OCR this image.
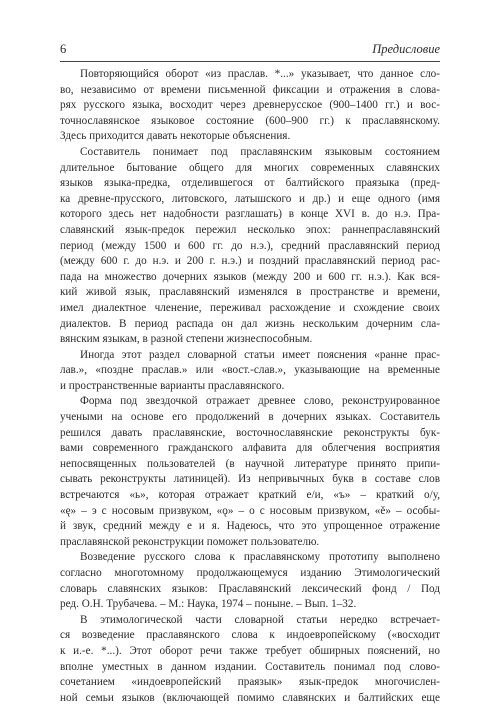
6	Предисловие
Повторяющийся оборот «из праслав. *...» указывает, что данное сло-
во, независимо от времени письменной фиксации и отражения в слова-
рях русского языка, восходит через древнерусское (900–1400 гг.) и вос-
точнославянское языковое состояние (600–900 гг.) к праславянскому.
Здесь приходится давать некоторые объяснения.
Составитель понимает под праславянским языковым состоянием
длительное бытование общего для многих современных славянских
языков языка-предка, отделившегося от балтийского праязыка (пред-
ка древне-прусского, литовского, латышского и др.) и еще одного (имя
которого здесь нет надобности разглашать) в конце XVI в. до н.э. Пра-
славянский язык-предок пережил несколько эпох: раннепраславянский
период (между 1500 и 600 гг. до н.э.), средний праславянский период
(между 600 г. до н.э. и 200 г. н.э.) и поздний праславянский период рас-
пада на множество дочерних языков (между 200 и 600 гг. н.э.). Как вся-
кий живой язык, праславянский изменялся в пространстве и времени,
имел диалектное членение, переживал расхождение и схождение своих
диалектов. В период распада он дал жизнь нескольким дочерним сла-
вянским языкам, в разной степени жизнеспособным.
Иногда этот раздел словарной статьи имеет пояснения «ранне прас-
лав.», «поздне праслав.» или «вост.-слав.», указывающие на временные
и пространственные варианты праславянского.
Форма под звездочкой отражает древнее слово, реконструированное
учеными на основе его продолжений в дочерних языках. Составитель
решился давать праславянские, восточнославянские реконструкты бук-
вами современного гражданского алфавита для облегчения восприятия
непосвященных пользователей (в научной литературе принято припи-
сывать реконструкты латиницей). Из непривычных букв в составе слов
встречаются «ь», которая отражает краткий е/и, «ъ» – краткий о/у,
«ę» – э с носовым призвуком, «ǫ» – о с носовым призвуком, «ě» – особы-
й звук, средний между е и я. Надеюсь, что это упрощенное отражение
праславянской реконструкции поможет пользователю.
Возведение русского слова к праславянскому прототипу выполнено
согласно многотомному продолжающемуся изданию Этимологический
словарь славянских языков: Праславянский лексический фонд / Под
ред. О.Н. Трубачева. – М.: Наука, 1974 – поныне. – Вып. 1–32.
В этимологической части словарной статьи нередко встречает-
ся возведение праславянского слова к индоевропейскому («восходит
к и.-е. *...). Этот оборот речи также требует обширных пояснений, но
вполне уместных в данном издании. Составитель понимал под слово-
сочетанием «индоевропейский праязык» язык-предок многочислен-
ной семьи языков (включающей помимо славянских и балтийских еще
